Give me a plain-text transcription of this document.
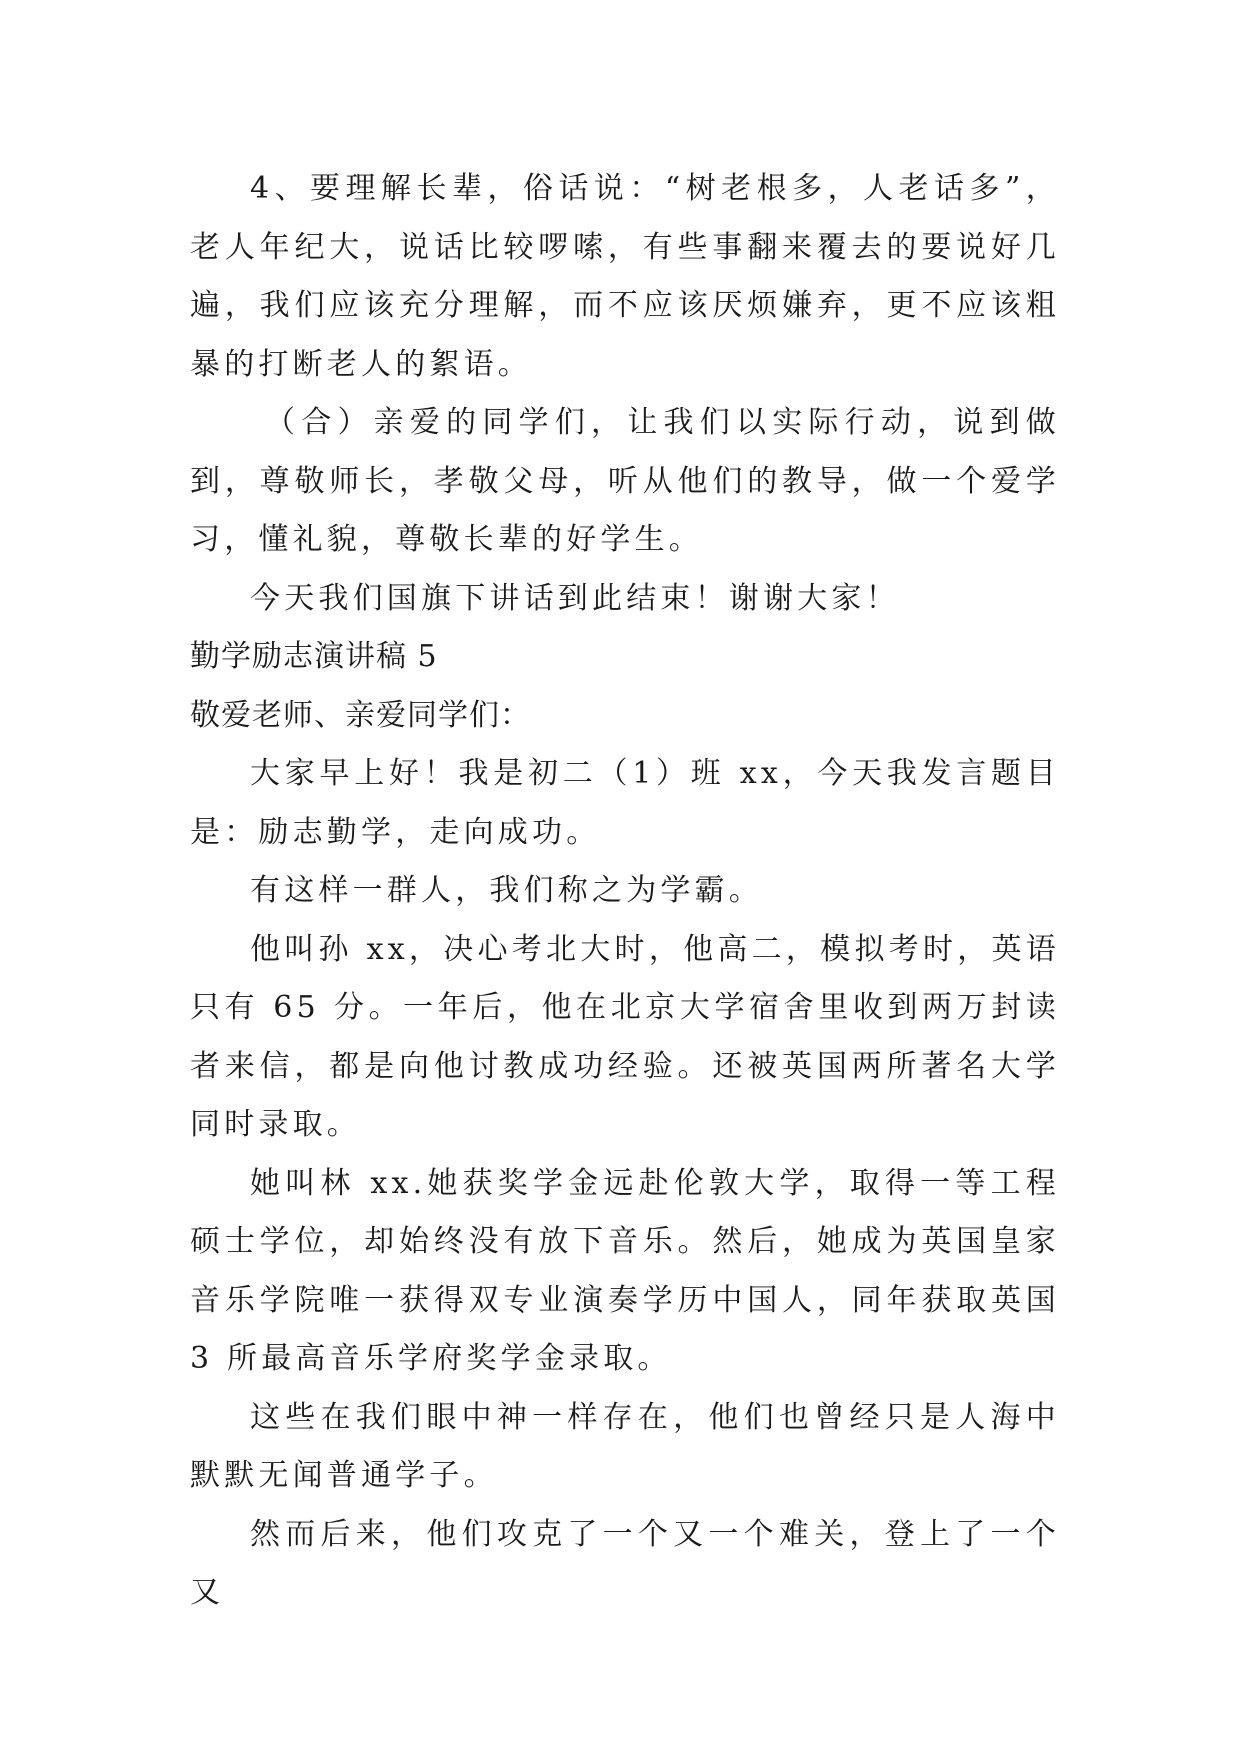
4、要理解长辈，俗话说：“树老根多，人老话多”，老人年纪大，说话比较啰嗦，有些事翻来覆去的要说好几遍，我们应该充分理解，而不应该厌烦嫌弃，更不应该粗暴的打断老人的絮语。

（合）亲爱的同学们，让我们以实际行动，说到做到，尊敬师长，孝敬父母，听从他们的教导，做一个爱学习，懂礼貌，尊敬长辈的好学生。

今天我们国旗下讲话到此结束！谢谢大家！

勤学励志演讲稿 5

敬爱老师、亲爱同学们：

大家早上好！我是初二（1）班 xx，今天我发言题目是：励志勤学，走向成功。

有这样一群人，我们称之为学霸。

他叫孙 xx，决心考北大时，他高二，模拟考时，英语只有 65 分。一年后，他在北京大学宿舍里收到两万封读者来信，都是向他讨教成功经验。还被英国两所著名大学同时录取。

她叫林 xx.她获奖学金远赴伦敦大学，取得一等工程硕士学位，却始终没有放下音乐。然后，她成为英国皇家音乐学院唯一获得双专业演奏学历中国人，同年获取英国 3 所最高音乐学府奖学金录取。

这些在我们眼中神一样存在，他们也曾经只是人海中默默无闻普通学子。

然而后来，他们攻克了一个又一个难关，登上了一个又
